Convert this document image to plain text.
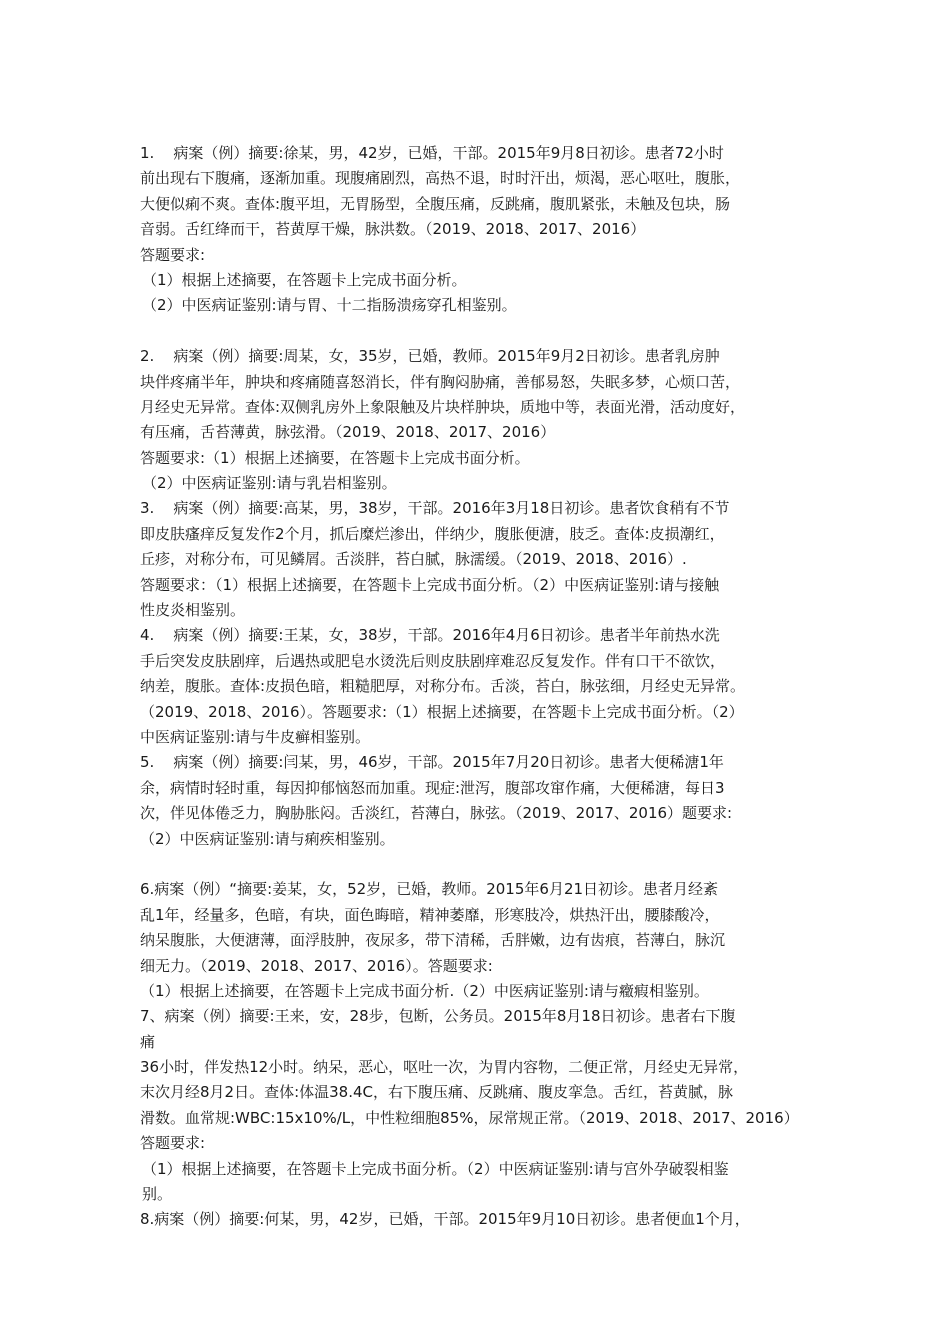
1.    病案（例）摘要:徐某，男，42岁，已婚，干部。2015年9月8日初诊。患者72小时
前出现右下腹痛，逐渐加重。现腹痛剧烈，高热不退，时时汗出，烦渴，恶心呕吐，腹胀，
大便似痢不爽。查体:腹平坦，无胃肠型，全腹压痛，反跳痛，腹肌紧张，未触及包块，肠
音弱。舌红绛而干，苔黄厚干燥，脉洪数。（2019、2018、2017、2016）
答题要求:
（1）根据上述摘要，在答题卡上完成书面分析。
（2）中医病证鉴别:请与胃、十二指肠溃疡穿孔相鉴别。
2.    病案（例）摘要:周某，女，35岁，已婚，教师。2015年9月2日初诊。患者乳房肿
块伴疼痛半年，肿块和疼痛随喜怒消长，伴有胸闷胁痛，善郁易怒，失眠多梦，心烦口苦，
月经史无异常。查体:双侧乳房外上象限触及片块样肿块，质地中等，表面光滑，活动度好，
有压痛，舌苔薄黄，脉弦滑。（2019、2018、2017、2016）
答题要求:（1）根据上述摘要，在答题卡上完成书面分析。
（2）中医病证鉴别:请与乳岩相鉴别。
3.    病案（例）摘要:高某，男，38岁，干部。2016年3月18日初诊。患者饮食稍有不节
即皮肤瘙痒反复发作2个月，抓后糜烂渗出，伴纳少，腹胀便溏，肢乏。查体:皮损潮红，
丘疹，对称分布，可见鳞屑。舌淡胖，苔白腻，脉濡缓。（2019、2018、2016）.
答题要求：（1）根据上述摘要，在答题卡上完成书面分析。（2）中医病证鉴别:请与接触
性皮炎相鉴别。
4.    病案（例）摘要:王某，女，38岁，干部。2016年4月6日初诊。患者半年前热水洗
手后突发皮肤剧痒，后遇热或肥皂水烫洗后则皮肤剧痒难忍反复发作。伴有口干不欲饮，
纳差，腹胀。查体:皮损色暗，粗糙肥厚，对称分布。舌淡，苔白，脉弦细，月经史无异常。
（2019、2018、2016）。答题要求:（1）根据上述摘要，在答题卡上完成书面分析。（2）
中医病证鉴别:请与牛皮癣相鉴别。
5.    病案（例）摘要:闫某，男，46岁，干部。2015年7月20日初诊。患者大便稀溏1年
余，病情时轻时重，每因抑郁恼怒而加重。现症:泄泻，腹部攻窜作痛，大便稀溏，每日3
次，伴见体倦乏力，胸胁胀闷。舌淡红，苔薄白，脉弦。（2019、2017、2016）题要求:
（2）中医病证鉴别:请与痢疾相鉴别。
6.病案（例）“摘要:姜某，女，52岁，已婚，教师。2015年6月21日初诊。患者月经紊
乱1年，经量多，色暗，有块，面色晦暗，精神萎靡，形寒肢冷，烘热汗出，腰膝酸冷，
纳呆腹胀，大便溏薄，面浮肢肿，夜尿多，带下清稀，舌胖嫩，边有齿痕，苔薄白，脉沉
细无力。（2019、2018、2017、2016）。答题要求:
（1）根据上述摘要，在答题卡上完成书面分析.（2）中医病证鉴别:请与癥瘕相鉴别。
7、病案（例）摘要:王来，安，28步，包断，公务员。2015年8月18日初诊。患者右下腹
痛
36小时，伴发热12小时。纳呆，恶心，呕吐一次，为胃内容物，二便正常，月经史无异常，
末次月经8月2日。查体:体温38.4C，右下腹压痛、反跳痛、腹皮挛急。舌红，苔黄腻，脉
滑数。血常规:WBC:15x10%/L，中性粒细胞85%，尿常规正常。（2019、2018、2017、2016）
答题要求:
（1）根据上述摘要，在答题卡上完成书面分析。（2）中医病证鉴别:请与宫外孕破裂相鉴
别。
8.病案（例）摘要:何某，男，42岁，已婚，干部。2015年9月10日初诊。患者便血1个月，
